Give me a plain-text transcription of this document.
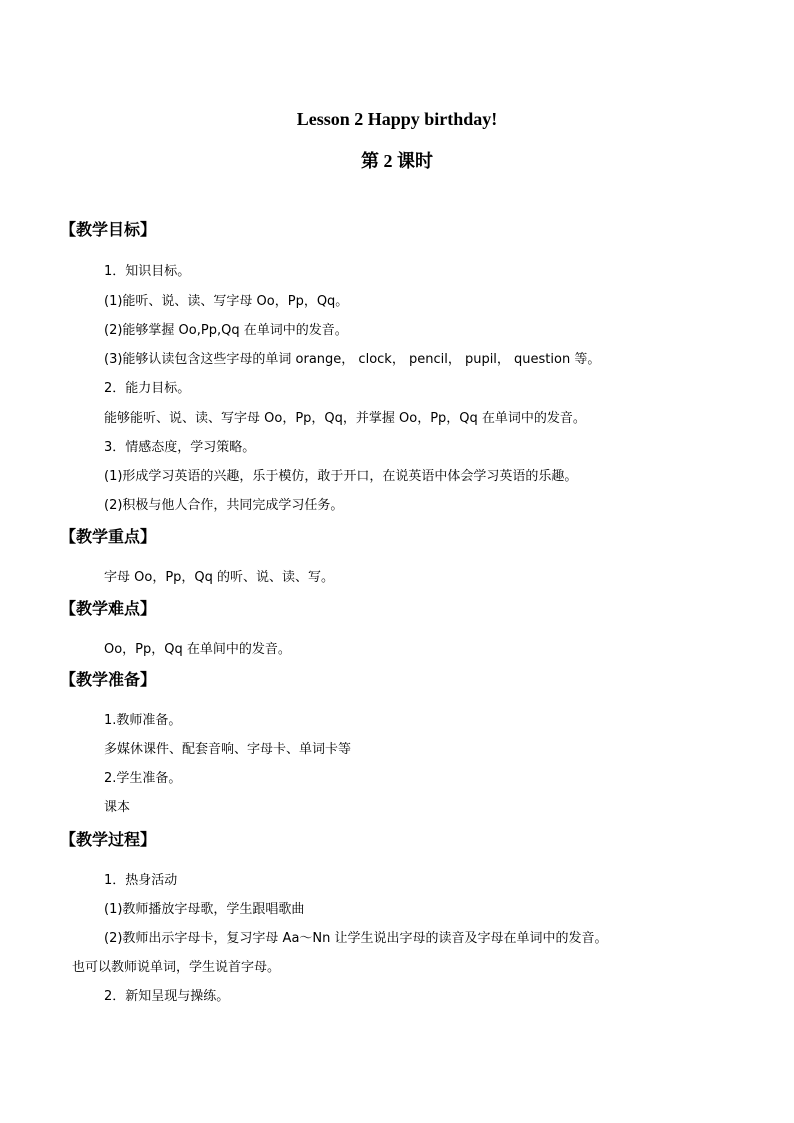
Lesson 2 Happy birthday!
第 2 课时
【教学目标】

1．知识目标。

(1)能听、说、读、写字母 Oo，Pp，Qq。

(2)能够掌握 Oo,Pp,Qq 在单词中的发音。

(3)能够认读包含这些字母的单词 orange， clock， pencil， pupil， question 等。

2．能力目标。

能够能听、说、读、写字母 Oo，Pp，Qq，并掌握 Oo，Pp，Qq 在单词中的发音。

3．情感态度，学习策略。

(1)形成学习英语的兴趣，乐于模仿，敢于开口，在说英语中体会学习英语的乐趣。

(2)积极与他人合作，共同完成学习任务。

【教学重点】

字母 Oo，Pp，Qq 的听、说、读、写。

【教学难点】

Oo，Pp，Qq 在单间中的发音。

【教学准备】

1.教师准备。

多媒休课件、配套音响、字母卡、单词卡等

2.学生准备。

课本

【教学过程】

1．热身活动

(1)教师播放字母歌，学生跟唱歌曲

(2)教师出示字母卡，复习字母 Aa～Nn 让学生说出字母的读音及字母在单词中的发音。

也可以教师说单词，学生说首字母。

2．新知呈现与操练。
